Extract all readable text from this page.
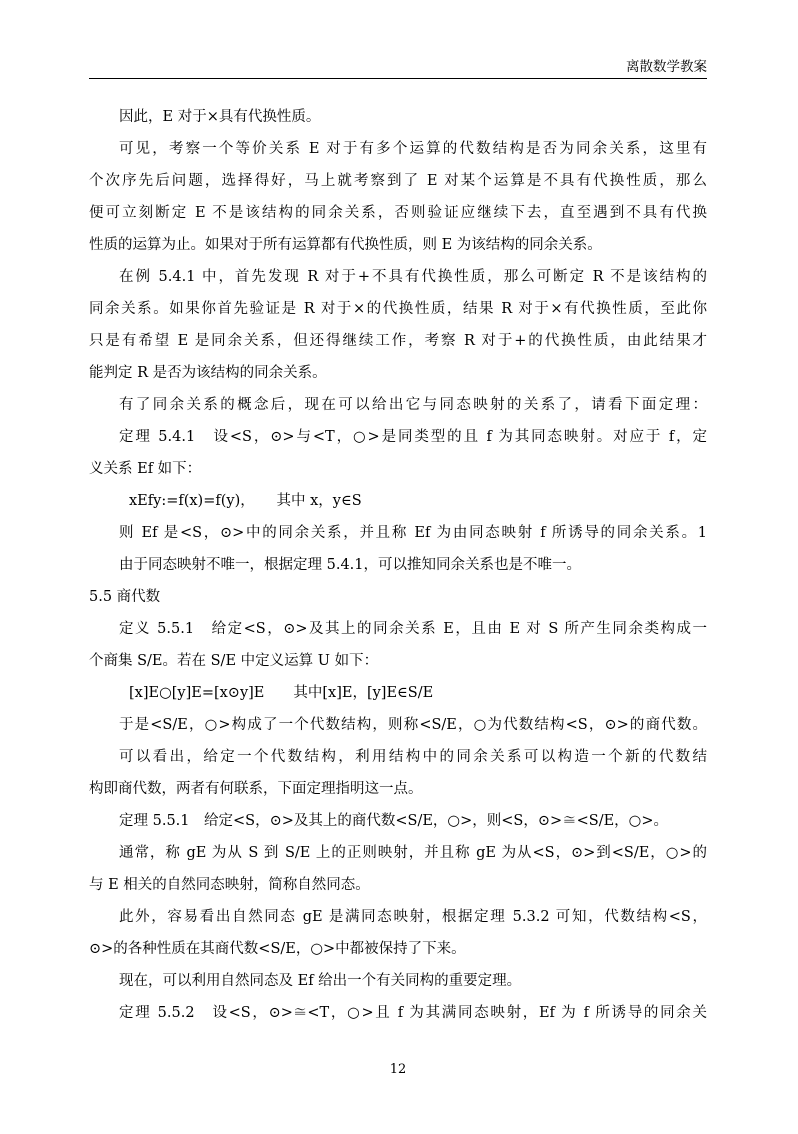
离散数学教案
因此，E 对于×具有代换性质。
可见，考察一个等价关系 E 对于有多个运算的代数结构是否为同余关系，这里有
个次序先后问题，选择得好，马上就考察到了 E 对某个运算是不具有代换性质，那么
便可立刻断定 E 不是该结构的同余关系，否则验证应继续下去，直至遇到不具有代换
性质的运算为止。如果对于所有运算都有代换性质，则 E 为该结构的同余关系。
在例 5.4.1 中，首先发现 R 对于+不具有代换性质，那么可断定 R 不是该结构的
同余关系。如果你首先验证是 R 对于×的代换性质，结果 R 对于×有代换性质，至此你
只是有希望 E 是同余关系，但还得继续工作，考察 R 对于+的代换性质，由此结果才
能判定 R 是否为该结构的同余关系。
有了同余关系的概念后，现在可以给出它与同态映射的关系了，请看下面定理：
定理 5.4.1　设<S，⊙>与<T，○>是同类型的且 f 为其同态映射。对应于 f，定
义关系 Ef 如下：
xEfy:=f(x)=f(y)，　　其中 x，y∈S
则 Ef 是<S，⊙>中的同余关系，并且称 Ef 为由同态映射 f 所诱导的同余关系。1
由于同态映射不唯一，根据定理 5.4.1，可以推知同余关系也是不唯一。
5.5 商代数
定义 5.5.1　给定<S，⊙>及其上的同余关系 E，且由 E 对 S 所产生同余类构成一
个商集 S/E。若在 S/E 中定义运算 U 如下：
[x]E○[y]E=[x⊙y]E　　其中[x]E，[y]E∈S/E
于是<S/E，○>构成了一个代数结构，则称<S/E，○为代数结构<S，⊙>的商代数。
可以看出，给定一个代数结构，利用结构中的同余关系可以构造一个新的代数结
构即商代数，两者有何联系，下面定理指明这一点。
定理 5.5.1　给定<S，⊙>及其上的商代数<S/E，○>，则<S，⊙>≅<S/E，○>。
通常，称 gE 为从 S 到 S/E 上的正则映射，并且称 gE 为从<S，⊙>到<S/E，○>的
与 E 相关的自然同态映射，简称自然同态。
此外，容易看出自然同态 gE 是满同态映射，根据定理 5.3.2 可知，代数结构<S，
⊙>的各种性质在其商代数<S/E，○>中都被保持了下来。
现在，可以利用自然同态及 Ef 给出一个有关同构的重要定理。
定理 5.5.2　设<S，⊙>≅<T，○>且 f 为其满同态映射，Ef 为 f 所诱导的同余关
12
